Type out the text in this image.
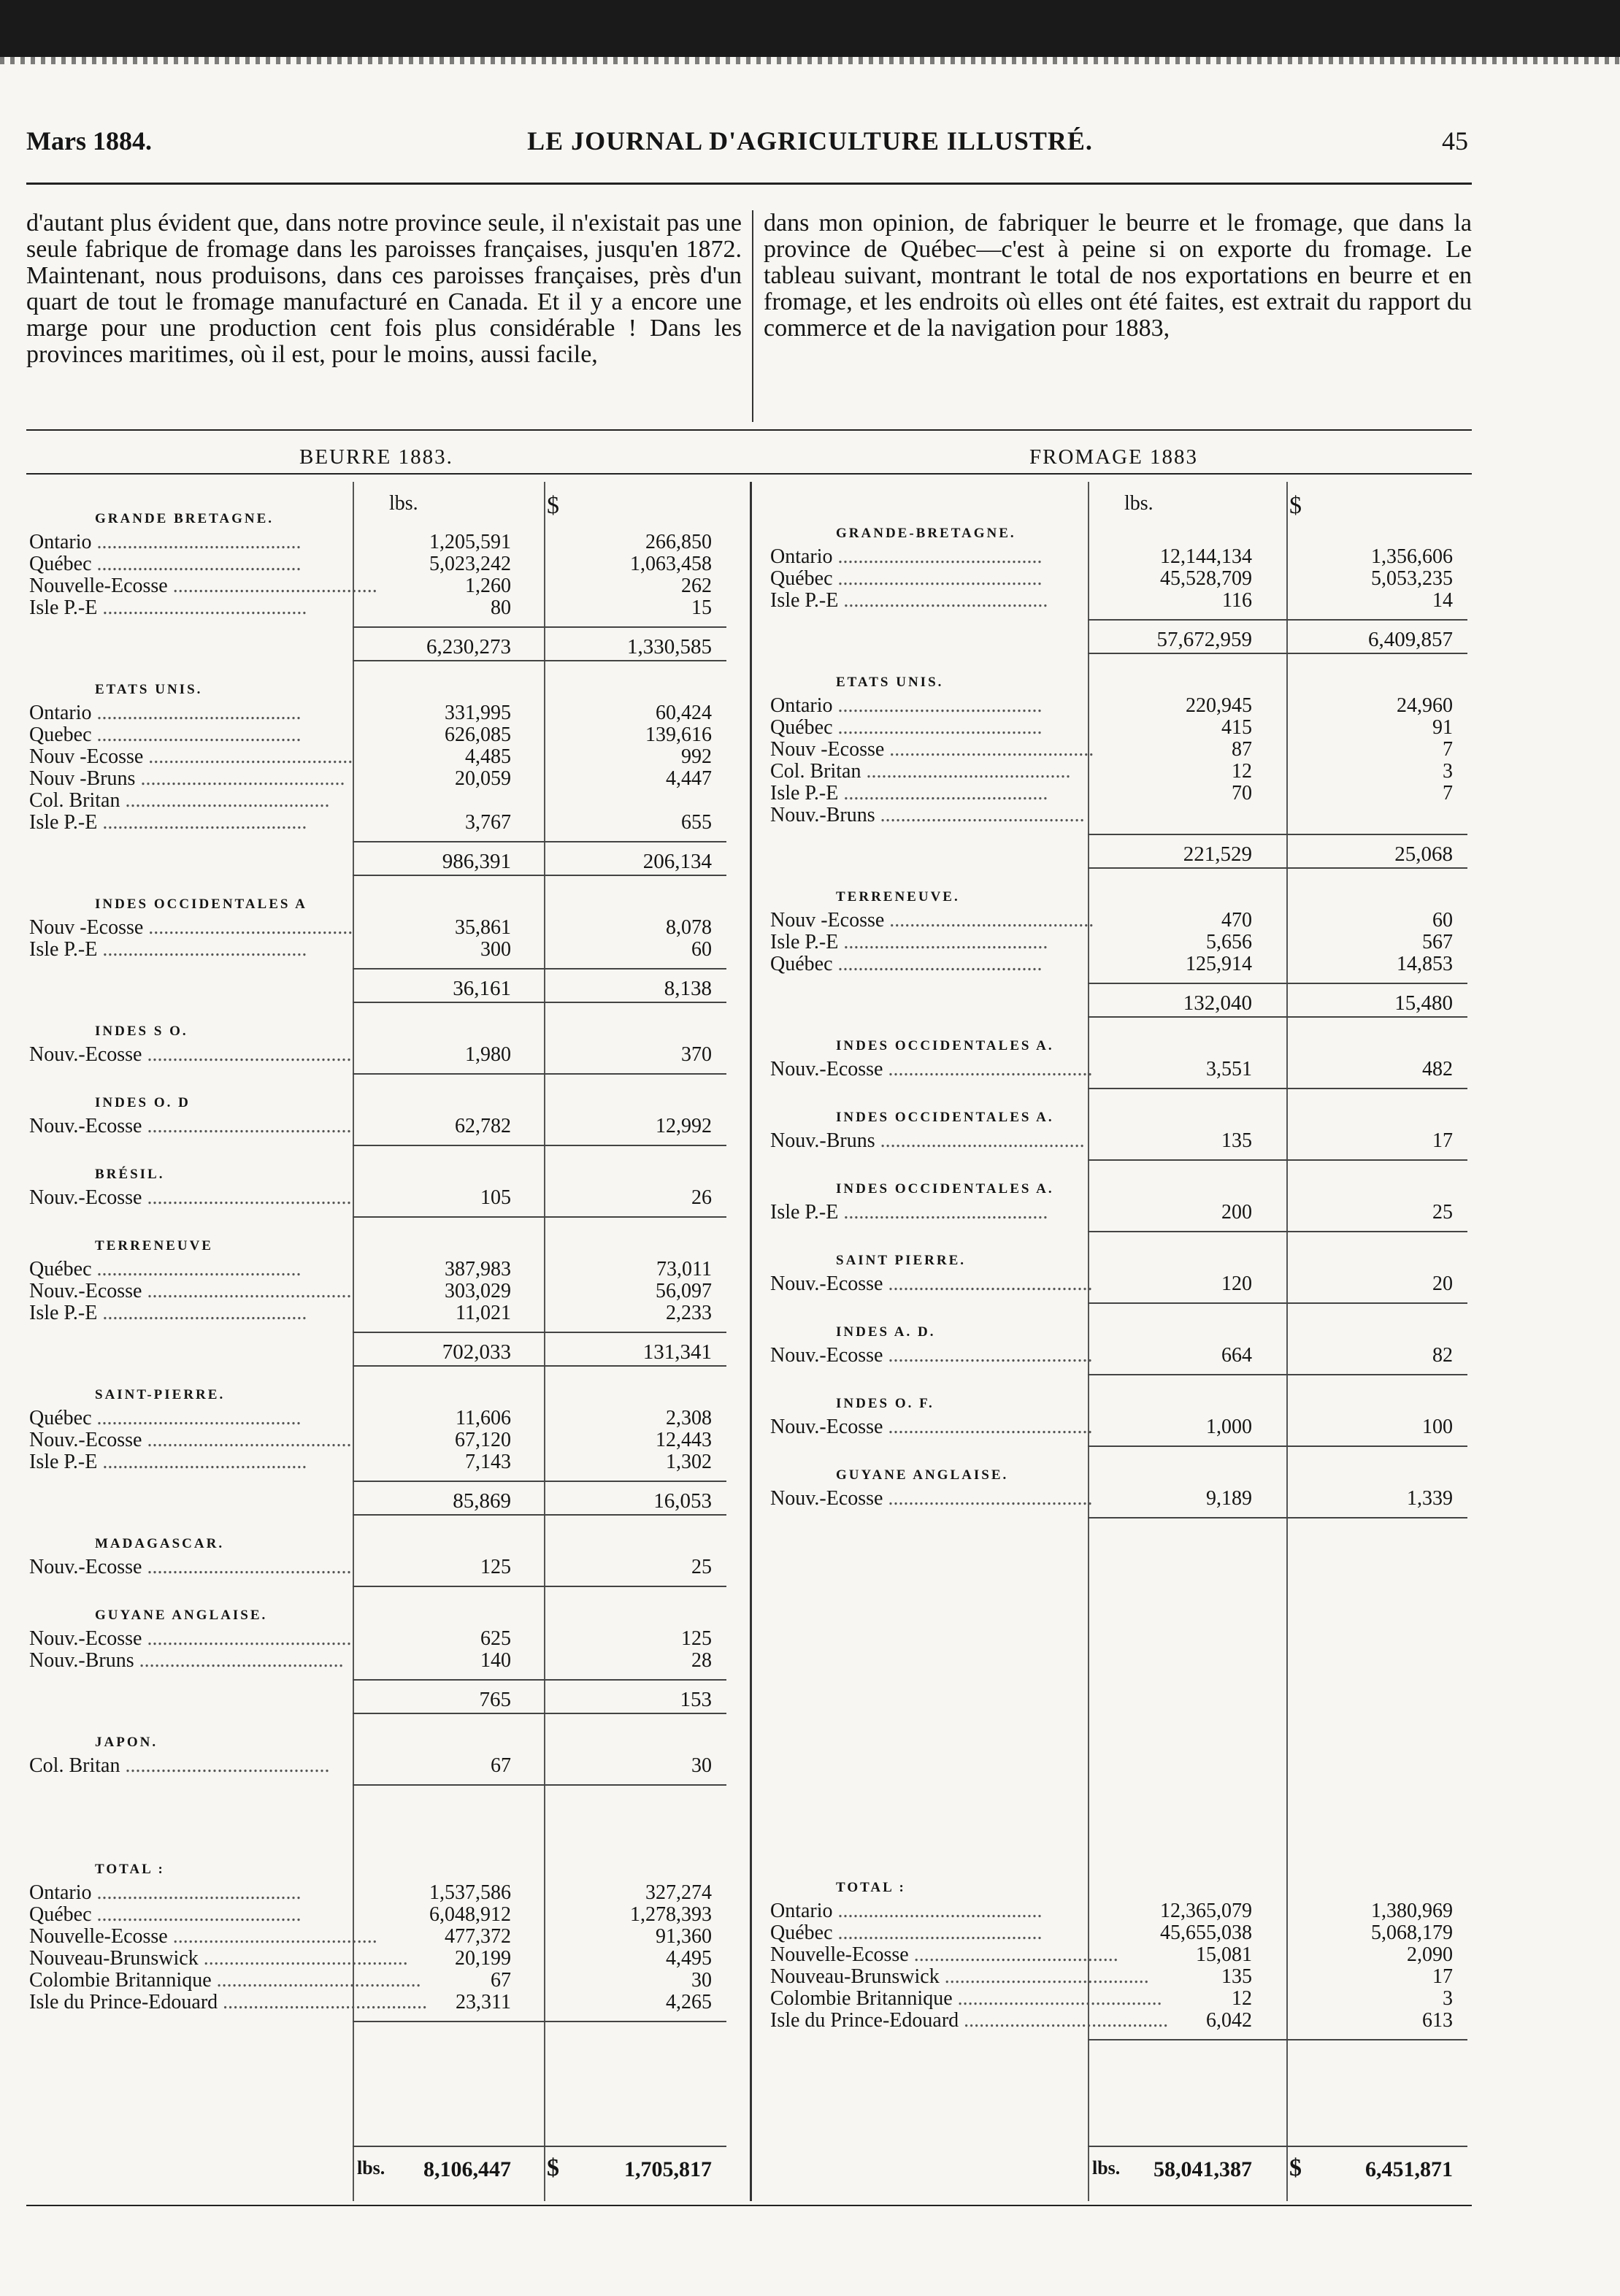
Mars 1884.	LE JOURNAL D'AGRICULTURE ILLUSTRÉ.	45
d'autant plus évident que, dans notre province seule, il n'existait pas une seule fabrique de fromage dans les paroisses françaises, jusqu'en 1872. Maintenant, nous produisons, dans ces paroisses françaises, près d'un quart de tout le fromage manufacturé en Canada. Et il y a encore une marge pour une production cent fois plus considérable ! Dans les provinces maritimes, où il est, pour le moins, aussi facile,
dans mon opinion, de fabriquer le beurre et le fromage, que dans la province de Québec—c'est à peine si on exporte du fromage. Le tableau suivant, montrant le total de nos exportations en beurre et en fromage, et les endroits où elles ont été faites, est extrait du rapport du commerce et de la navigation pour 1883,
BEURRE 1883.	FROMAGE 1883
lbs.	$
GRANDE BRETAGNE.
Ontario ........................................	1,205,591	266,850
Québec ........................................	5,023,242	1,063,458
Nouvelle-Ecosse ........................................	1,260	262
Isle P.-E ........................................	80	15
6,230,273	1,330,585
ETATS UNIS.
Ontario ........................................	331,995	60,424
Quebec ........................................	626,085	139,616
Nouv -Ecosse ........................................	4,485	992
Nouv -Bruns ........................................	20,059	4,447
Col. Britan ........................................
Isle P.-E ........................................	3,767	655
986,391	206,134
INDES OCCIDENTALES A
Nouv -Ecosse ........................................	35,861	8,078
Isle P.-E ........................................	300	60
36,161	8,138
INDES S O.
Nouv.-Ecosse ........................................	1,980	370
INDES O. D
Nouv.-Ecosse ........................................	62,782	12,992
BRÉSIL.
Nouv.-Ecosse ........................................	105	26
TERRENEUVE
Québec ........................................	387,983	73,011
Nouv.-Ecosse ........................................	303,029	56,097
Isle P.-E ........................................	11,021	2,233
702,033	131,341
SAINT-PIERRE.
Québec ........................................	11,606	2,308
Nouv.-Ecosse ........................................	67,120	12,443
Isle P.-E ........................................	7,143	1,302
85,869	16,053
MADAGASCAR.
Nouv.-Ecosse ........................................	125	25
GUYANE ANGLAISE.
Nouv.-Ecosse ........................................	625	125
Nouv.-Bruns ........................................	140	28
765	153
JAPON.
Col. Britan ........................................	67	30
TOTAL :
Ontario ........................................	1,537,586	327,274
Québec ........................................	6,048,912	1,278,393
Nouvelle-Ecosse ........................................	477,372	91,360
Nouveau-Brunswick ........................................	20,199	4,495
Colombie Britannique ........................................	67	30
Isle du Prince-Edouard ........................................	23,311	4,265
lbs.	8,106,447 $	1,705,817
lbs.	$
GRANDE-BRETAGNE.
Ontario ........................................	12,144,134	1,356,606
Québec ........................................	45,528,709	5,053,235
Isle P.-E ........................................	116	14
57,672,959	6,409,857
ETATS UNIS.
Ontario ........................................	220,945	24,960
Québec ........................................	415	91
Nouv -Ecosse ........................................	87	7
Col. Britan ........................................	12	3
Isle P.-E ........................................	70	7
Nouv.-Bruns ........................................
221,529	25,068
TERRENEUVE.
Nouv -Ecosse ........................................	470	60
Isle P.-E ........................................	5,656	567
Québec ........................................	125,914	14,853
132,040	15,480
INDES OCCIDENTALES A.
Nouv.-Ecosse ........................................	3,551	482
INDES OCCIDENTALES A.
Nouv.-Bruns ........................................	135	17
INDES OCCIDENTALES A.
Isle P.-E ........................................	200	25
SAINT PIERRE.
Nouv.-Ecosse ........................................	120	20
INDES A. D.
Nouv.-Ecosse ........................................	664	82
INDES O. F.
Nouv.-Ecosse ........................................	1,000	100
GUYANE ANGLAISE.
Nouv.-Ecosse ........................................	9,189	1,339
TOTAL :
Ontario ........................................	12,365,079	1,380,969
Québec ........................................	45,655,038	5,068,179
Nouvelle-Ecosse ........................................	15,081	2,090
Nouveau-Brunswick ........................................	135	17
Colombie Britannique ........................................	12	3
Isle du Prince-Edouard ........................................	6,042	613
lbs.	58,041,387 $	6,451,871
